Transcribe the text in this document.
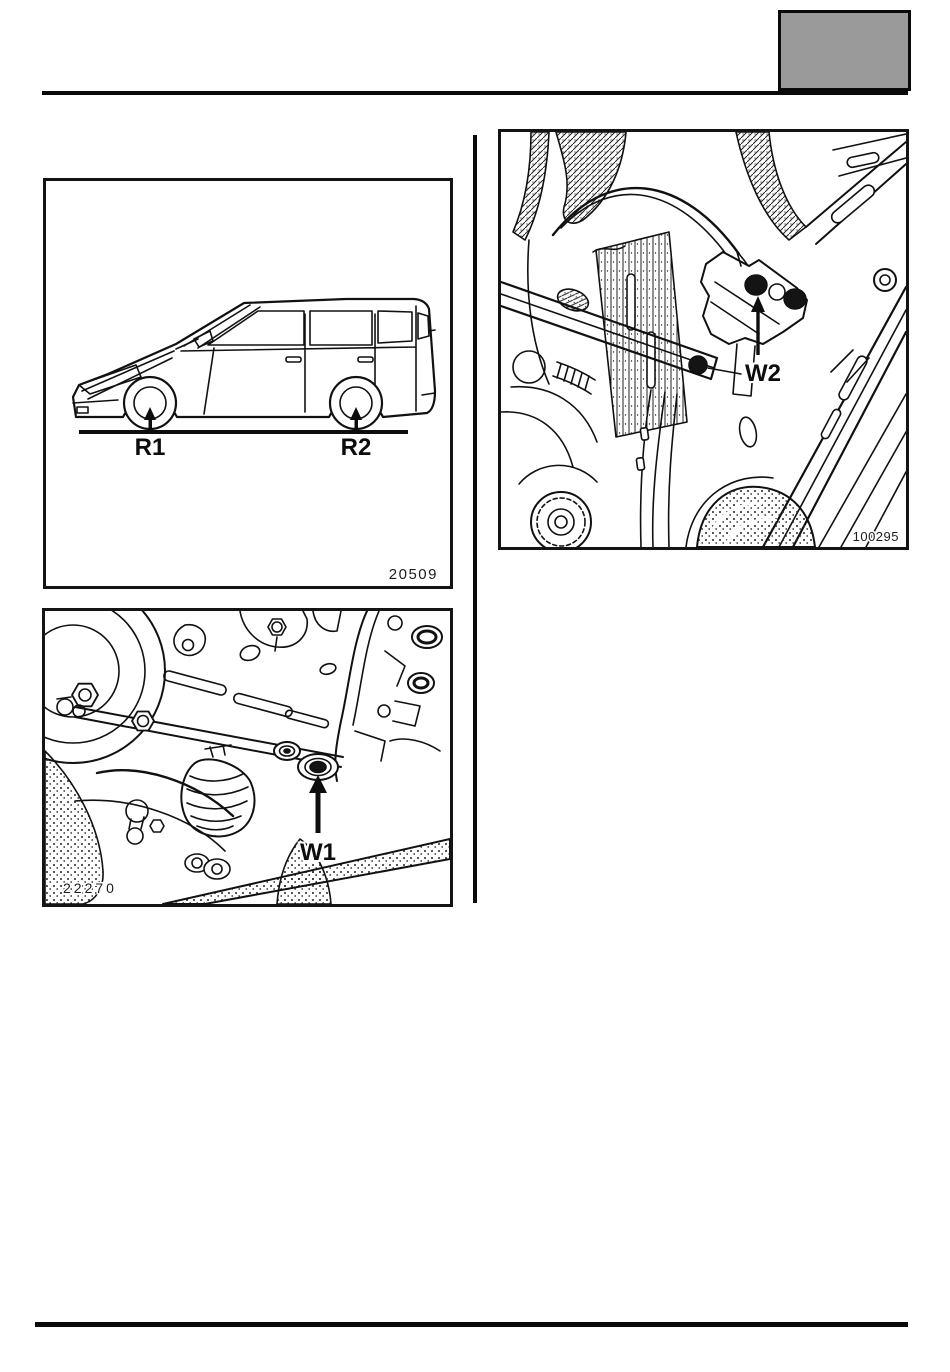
R1	R2
20509
W2
100295
W1
22270
